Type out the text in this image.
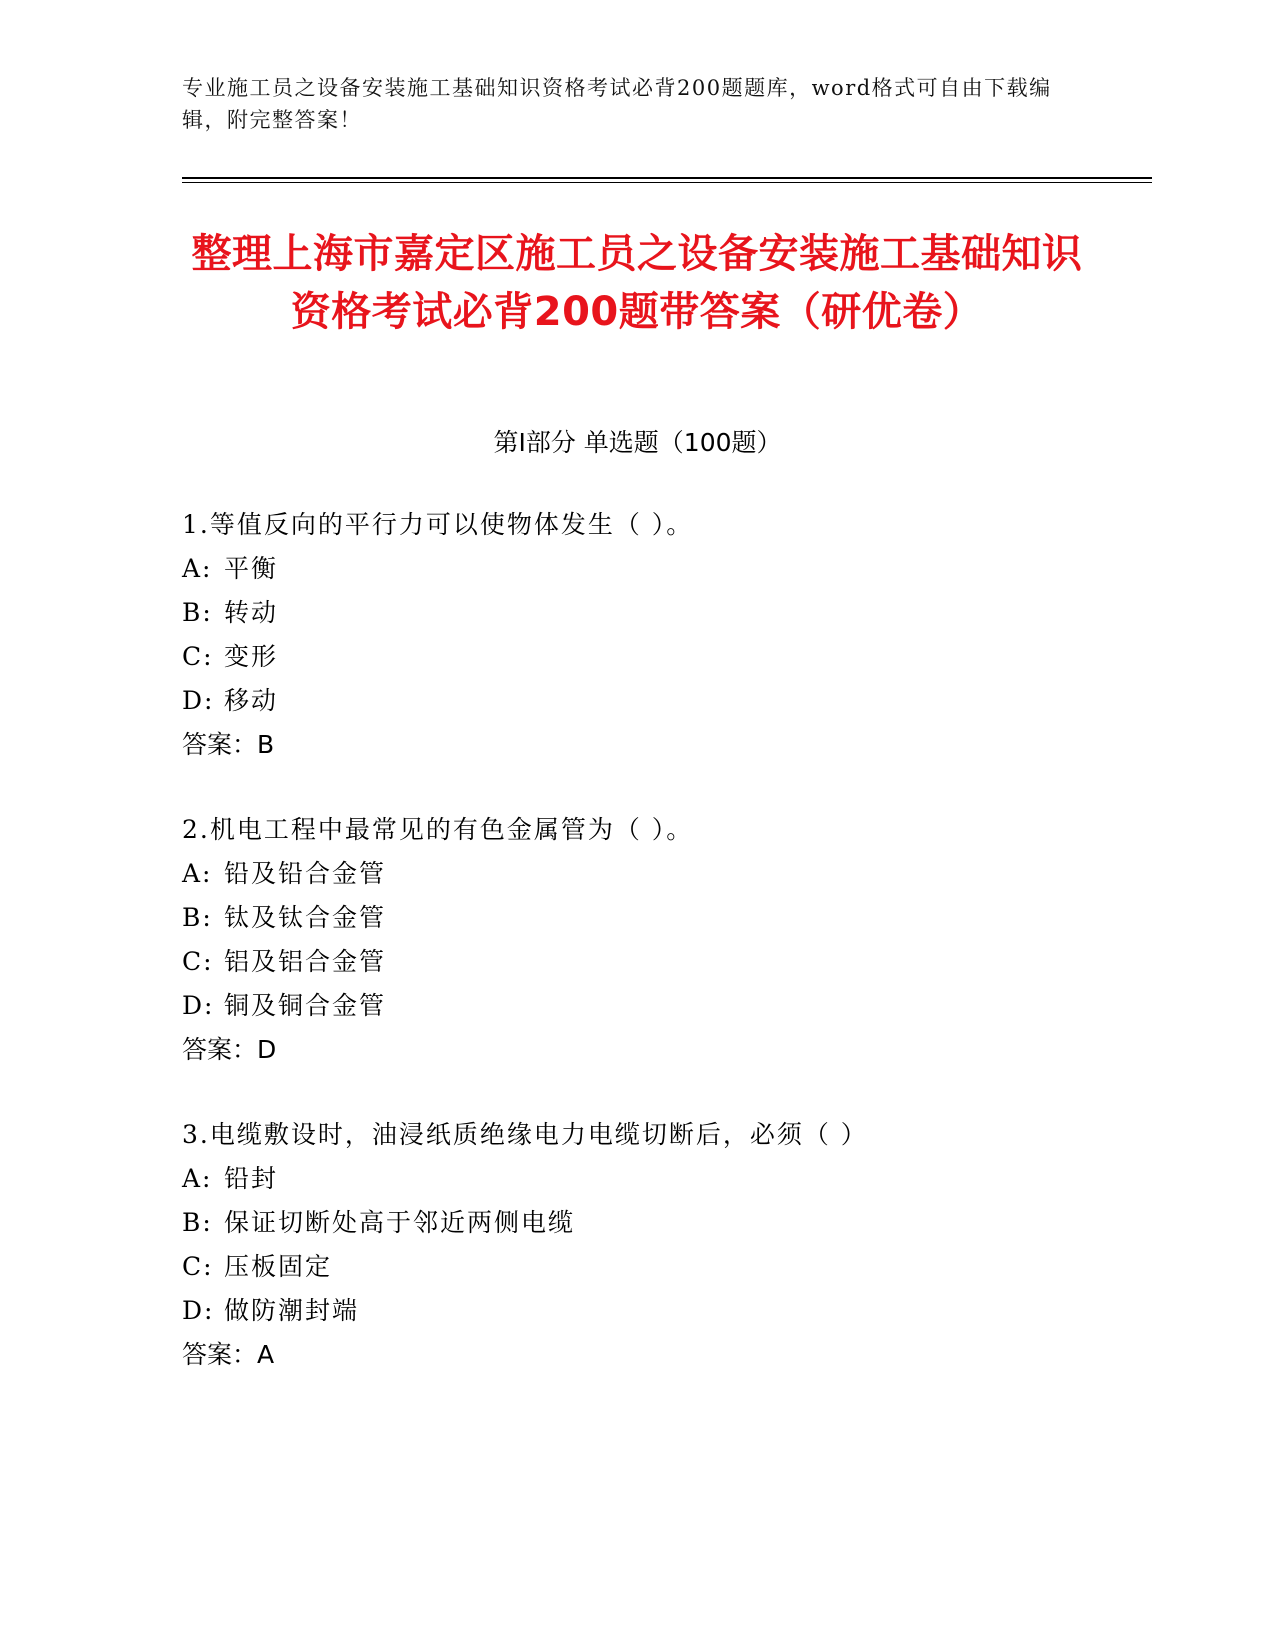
专业施工员之设备安装施工基础知识资格考试必背200题题库，word格式可自由下载编辑，附完整答案！
整理上海市嘉定区施工员之设备安装施工基础知识资格考试必背200题带答案（研优卷）
第Ⅰ部分 单选题（100题）
1.等值反向的平行力可以使物体发生（ ）。
A: 平衡
B: 转动
C: 变形
D: 移动
答案：B
2.机电工程中最常见的有色金属管为（ ）。
A: 铅及铅合金管
B: 钛及钛合金管
C: 铝及铝合金管
D: 铜及铜合金管
答案：D
3.电缆敷设时，油浸纸质绝缘电力电缆切断后，必须（ ）
A: 铅封
B: 保证切断处高于邻近两侧电缆
C: 压板固定
D: 做防潮封端
答案：A
